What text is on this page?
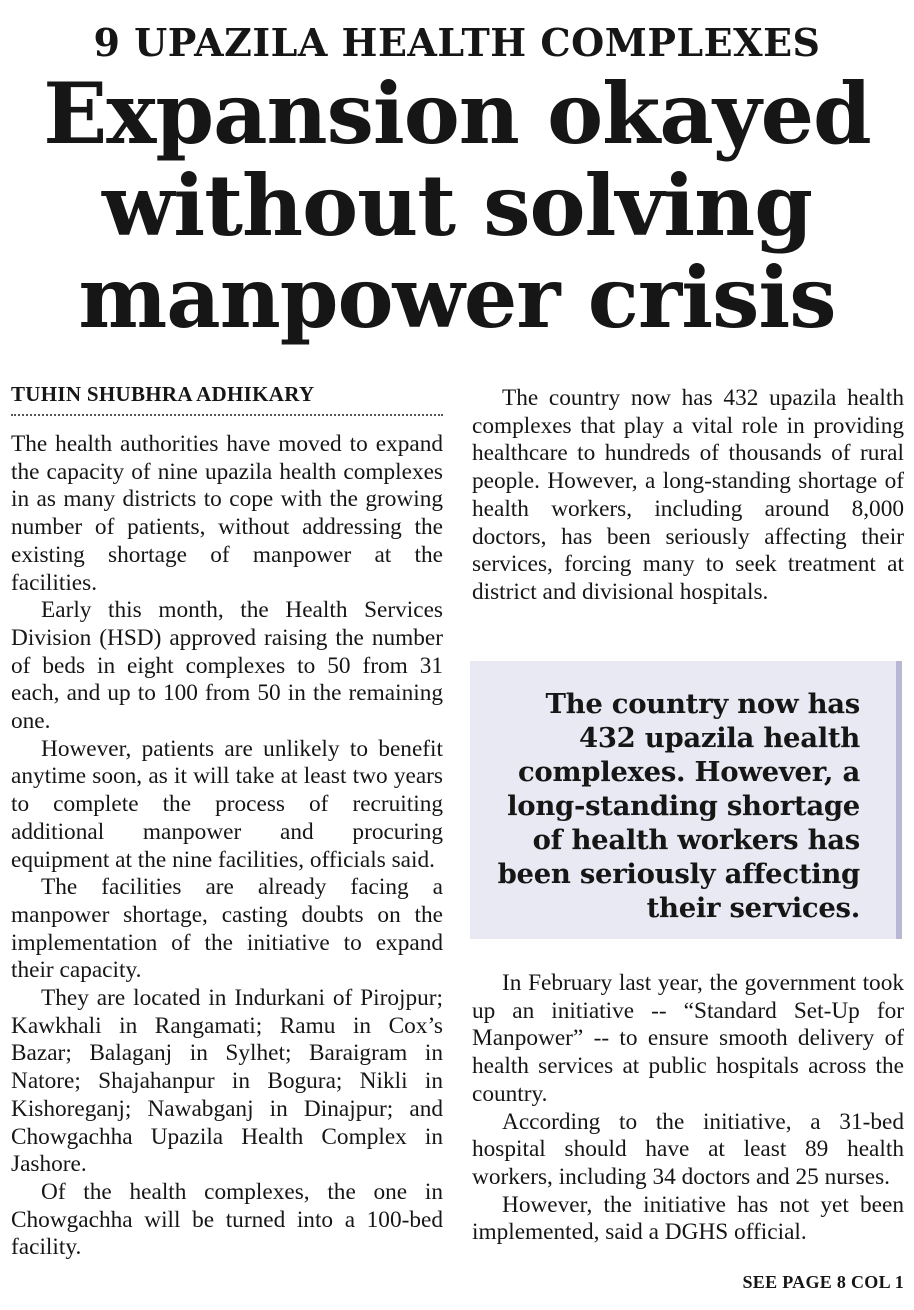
9 UPAZILA HEALTH COMPLEXES
Expansion okayed
without solving
manpower crisis
TUHIN SHUBHRA ADHIKARY

The health authorities have moved to expand the capacity of nine upazila health complexes in as many districts to cope with the growing number of patients, without addressing the existing shortage of manpower at the facilities.

Early this month, the Health Services Division (HSD) approved raising the number of beds in eight complexes to 50 from 31 each, and up to 100 from 50 in the remaining one.

However, patients are unlikely to benefit anytime soon, as it will take at least two years to complete the process of recruiting additional manpower and procuring equipment at the nine facilities, officials said.

The facilities are already facing a manpower shortage, casting doubts on the implementation of the initiative to expand their capacity.

They are located in Indurkani of Pirojpur; Kawkhali in Rangamati; Ramu in Cox’s Bazar; Balaganj in Sylhet; Baraigram in Natore; Shajahanpur in Bogura; Nikli in Kishoreganj; Nawabganj in Dinajpur; and Chowgachha Upazila Health Complex in Jashore.

Of the health complexes, the one in Chowgachha will be turned into a 100-bed facility.

The country now has 432 upazila health complexes that play a vital role in providing healthcare to hundreds of thousands of rural people. However, a long-standing shortage of health workers, including around 8,000 doctors, has been seriously affecting their services, forcing many to seek treatment at district and divisional hospitals.

The country now has 432 upazila health complexes. However, a long-standing shortage of health workers has been seriously affecting their services.

In February last year, the government took up an initiative -- “Standard Set-Up for Manpower” -- to ensure smooth delivery of health services at public hospitals across the country.

According to the initiative, a 31-bed hospital should have at least 89 health workers, including 34 doctors and 25 nurses.

However, the initiative has not yet been implemented, said a DGHS official.

SEE PAGE 8 COL 1
